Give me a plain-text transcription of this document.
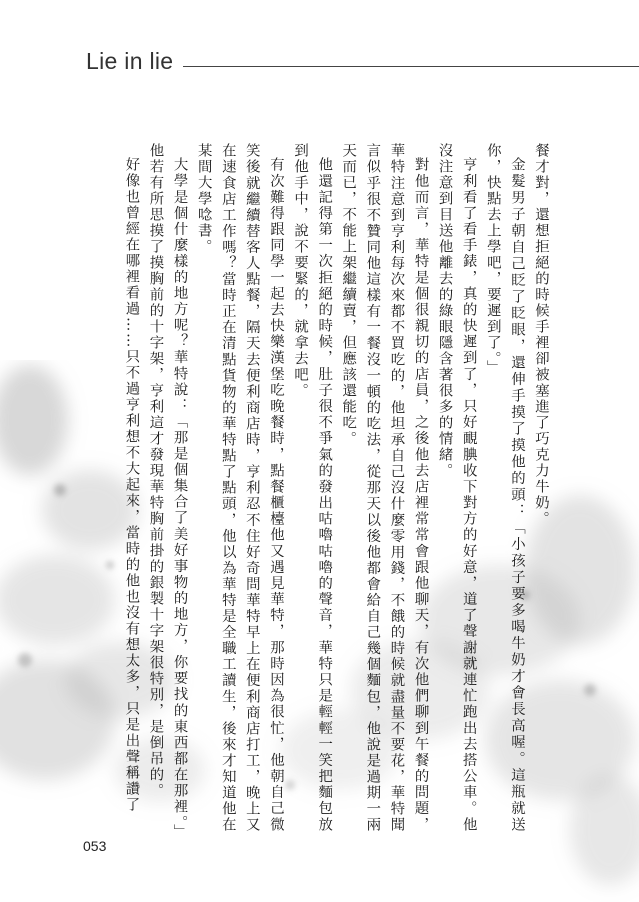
Lie in lie

餐才對，還想拒絕的時候手裡卻被塞進了巧克力牛奶。

金髮男子朝自己眨了眨眼，還伸手摸了摸他的頭：「小孩子要多喝牛奶才會長高喔。這瓶就送你，快點去上學吧，要遲到了。」

亨利看了看手錶，真的快遲到了，只好靦腆收下對方的好意，道了聲謝就連忙跑出去搭公車。他沒注意到目送他離去的綠眼隱含著很多的情緒。

對他而言，華特是個很親切的店員，之後他去店裡常常會跟他聊天，有次他們聊到午餐的問題，華特注意到亨利每次來都不買吃的，他坦承自己沒什麼零用錢，不餓的時候就盡量不要花，華特聞言似乎很不贊同他這樣有一餐沒一頓的吃法，從那天以後他都會給自己幾個麵包，他說是過期一兩天而已，不能上架繼續賣，但應該還能吃。

他還記得第一次拒絕的時候，肚子很不爭氣的發出咕嚕咕嚕的聲音，華特只是輕輕一笑把麵包放到他手中，說不要緊的，就拿去吧。

有次難得跟同學一起去快樂漢堡吃晚餐時，點餐櫃檯他又遇見華特，那時因為很忙，他朝自己微笑後就繼續替客人點餐，隔天去便利商店時，亨利忍不住好奇問華特早上在便利商店打工，晚上又在速食店工作嗎？當時正在清點貨物的華特點了點頭，他以為華特是全職工讀生，後來才知道他在某間大學唸書。

大學是個什麼樣的地方呢？華特說：「那是個集合了美好事物的地方，你要找的東西都在那裡。」他若有所思摸了摸胸前的十字架，亨利這才發現華特胸前掛的銀製十字架很特別，是倒吊的。

好像也曾經在哪裡看過……只不過亨利想不大起來，當時的他也沒有想太多，只是出聲稱讚了

053
